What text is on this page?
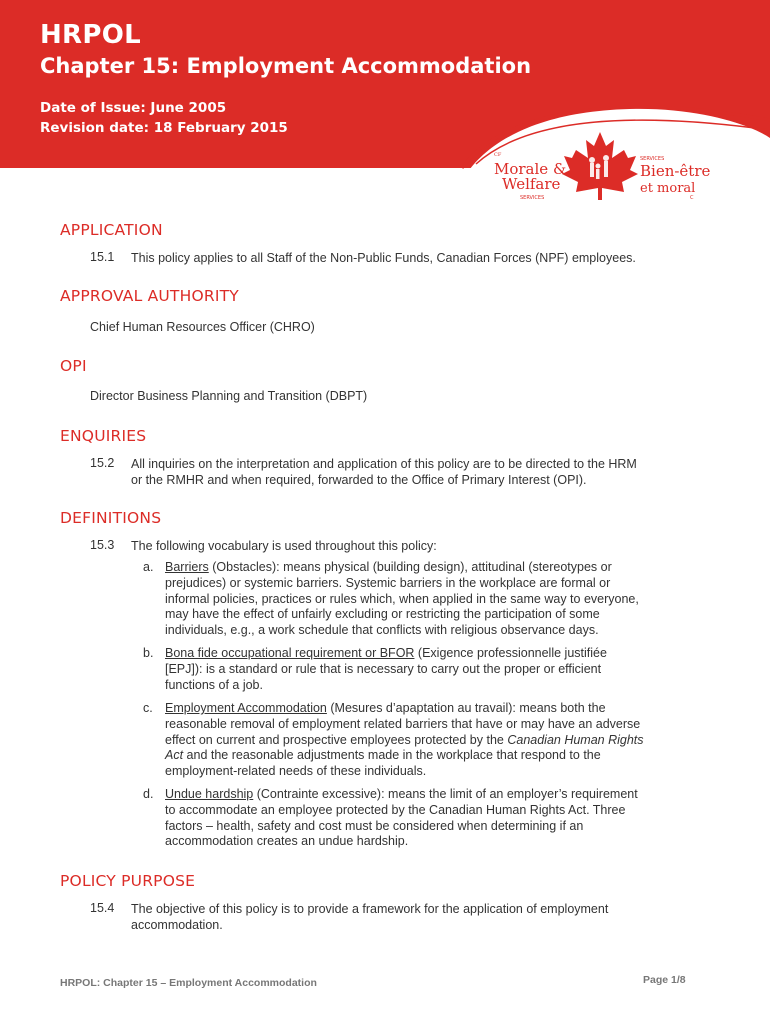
HRPOL
Chapter 15: Employment Accommodation
Date of Issue: June 2005
Revision date: 18 February 2015
CF
Morale &
Welfare
SERVICES
SERVICES
Bien-être
et moral
C
APPLICATION
15.1 This policy applies to all Staff of the Non-Public Funds, Canadian Forces (NPF) employees.
APPROVAL AUTHORITY
Chief Human Resources Officer (CHRO)
OPI
Director Business Planning and Transition (DBPT)
ENQUIRIES
15.2 All inquiries on the interpretation and application of this policy are to be directed to the HRM
or the RMHR and when required, forwarded to the Office of Primary Interest (OPI).
DEFINITIONS
15.3 The following vocabulary is used throughout this policy:
a. Barriers (Obstacles): means physical (building design), attitudinal (stereotypes or
prejudices) or systemic barriers. Systemic barriers in the workplace are formal or
informal policies, practices or rules which, when applied in the same way to everyone,
may have the effect of unfairly excluding or restricting the participation of some
individuals, e.g., a work schedule that conflicts with religious observance days.
b. Bona fide occupational requirement or BFOR (Exigence professionnelle justifiée
[EPJ]): is a standard or rule that is necessary to carry out the proper or efficient
functions of a job.
c. Employment Accommodation (Mesures d’apaptation au travail): means both the
reasonable removal of employment related barriers that have or may have an adverse
effect on current and prospective employees protected by the Canadian Human Rights
Act and the reasonable adjustments made in the workplace that respond to the
employment-related needs of these individuals.
d. Undue hardship (Contrainte excessive): means the limit of an employer’s requirement
to accommodate an employee protected by the Canadian Human Rights Act. Three
factors – health, safety and cost must be considered when determining if an
accommodation creates an undue hardship.
POLICY PURPOSE
15.4 The objective of this policy is to provide a framework for the application of employment
accommodation.
HRPOL: Chapter 15 – Employment Accommodation	Page 1/8
